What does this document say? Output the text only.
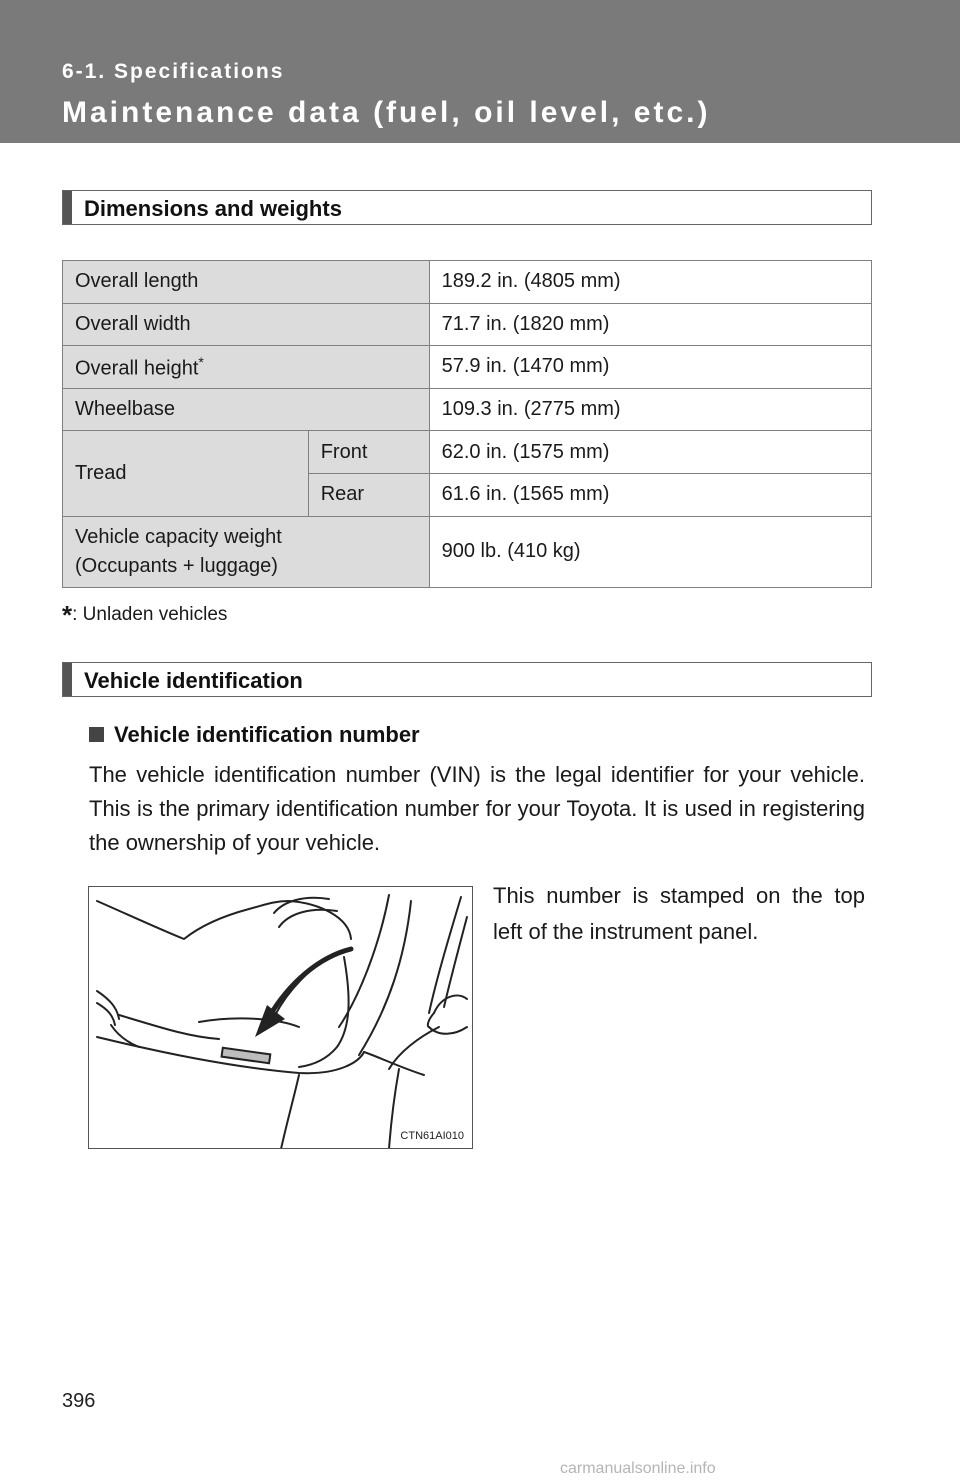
6-1. Specifications
Maintenance data (fuel, oil level, etc.)
Dimensions and weights
Overall length		189.2 in. (4805 mm)
Overall width		71.7 in. (1820 mm)
Overall height*		57.9 in. (1470 mm)
Wheelbase		109.3 in. (2775 mm)
Tread	Front	62.0 in. (1575 mm)
	Rear	61.6 in. (1565 mm)

Vehicle capacity weight
(Occupants + luggage)		900 lb. (410 kg)
*: Unladen vehicles
Vehicle identification
Vehicle identification number
The vehicle identification number (VIN) is the legal identifier for your vehicle. This is the primary identification number for your Toyota. It is used in registering the ownership of your vehicle.
CTN61AI010
This number is stamped on the top left of the instrument panel.
396
carmanualsonline.info
